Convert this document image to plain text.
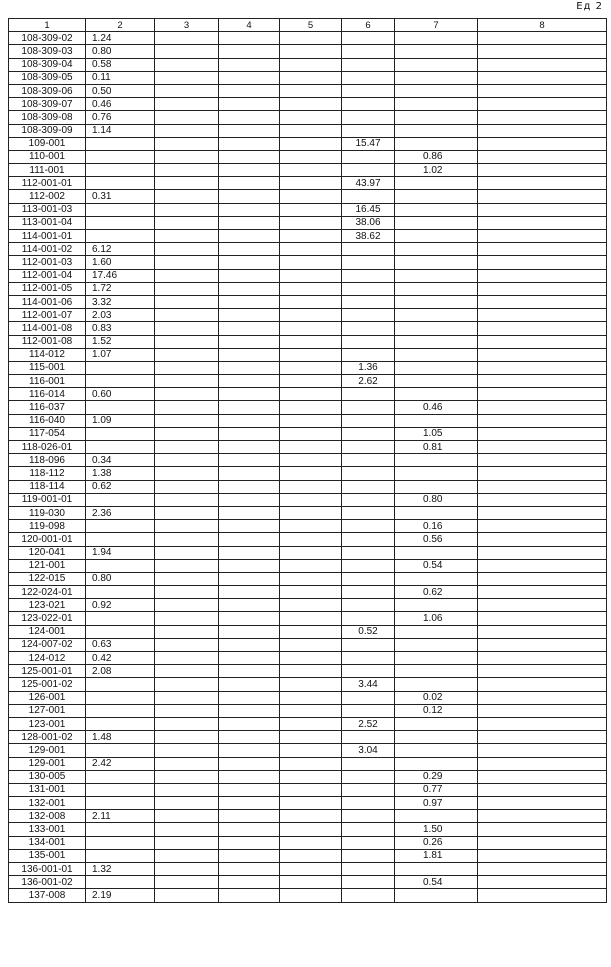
Ед 2
1	2	3	4	5	6	7	8
108-309-02	1.24						
108-309-03	0.80						
108-309-04	0.58						
108-309-05	0.11						
108-309-06	0.50						
108-309-07	0.46						
108-309-08	0.76						
108-309-09	1.14						
109-001					15.47		
110-001						0.86	
111-001						1.02	
112-001-01					43.97		
112-002	0.31						
113-001-03					16.45		
113-001-04					38.06		
114-001-01					38.62		
114-001-02	6.12						
112-001-03	1.60						
112-001-04	17.46						
112-001-05	1.72						
114-001-06	3.32						
112-001-07	2.03						
114-001-08	0.83						
112-001-08	1.52						
114-012	1.07						
115-001					1.36		
116-001					2.62		
116-014	0.60						
116-037						0.46	
116-040	1.09						
117-054						1.05	
118-026-01						0.81	
118-096	0.34						
118-112	1.38						
118-114	0.62						
119-001-01						0.80	
119-030	2.36						
119-098						0.16	
120-001-01						0.56	
120-041	1.94						
121-001						0.54	
122-015	0.80						
122-024-01						0.62	
123-021	0.92						
123-022-01						1.06	
124-001					0.52		
124-007-02	0.63						
124-012	0.42						
125-001-01	2.08						
125-001-02					3.44		
126-001						0.02	
127-001						0.12	
123-001					2.52		
128-001-02	1.48						
129-001					3.04		
129-001	2.42						
130-005						0.29	
131-001						0.77	
132-001						0.97	
132-008	2.11						
133-001						1.50	
134-001						0.26	
135-001						1.81	
136-001-01	1.32						
136-001-02						0.54	
137-008	2.19						
